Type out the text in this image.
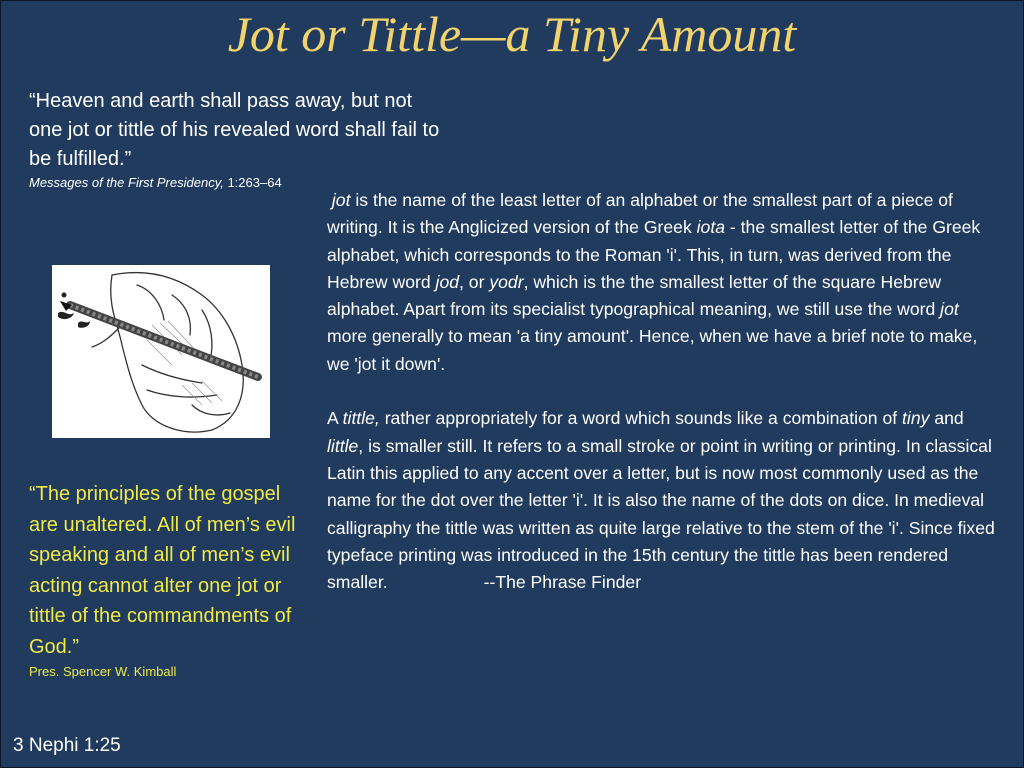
Jot or Tittle—a Tiny Amount
“Heaven and earth shall pass away, but not one jot or tittle of his revealed word shall fail to be fulfilled.”
Messages of the First Presidency, 1:263–64
“The principles of the gospel are unaltered. All of men’s evil speaking and all of men’s evil acting cannot alter one jot or tittle of the commandments of God.”
Pres. Spencer W. Kimball

jot is the name of the least letter of an alphabet or the smallest part of a piece of writing. It is the Anglicized version of the Greek iota - the smallest letter of the Greek alphabet, which corresponds to the Roman 'i'. This, in turn, was derived from the Hebrew word jod, or yodr, which is the the smallest letter of the square Hebrew alphabet. Apart from its specialist typographical meaning, we still use the word jot more generally to mean 'a tiny amount'. Hence, when we have a brief note to make, we 'jot it down'.

A tittle, rather appropriately for a word which sounds like a combination of tiny and little, is smaller still. It refers to a small stroke or point in writing or printing. In classical Latin this applied to any accent over a letter, but is now most commonly used as the name for the dot over the letter 'i'. It is also the name of the dots on dice. In medieval calligraphy the tittle was written as quite large relative to the stem of the 'i'. Since fixed typeface printing was introduced in the 15th century the tittle has been rendered smaller.	--The Phrase Finder

3 Nephi 1:25
